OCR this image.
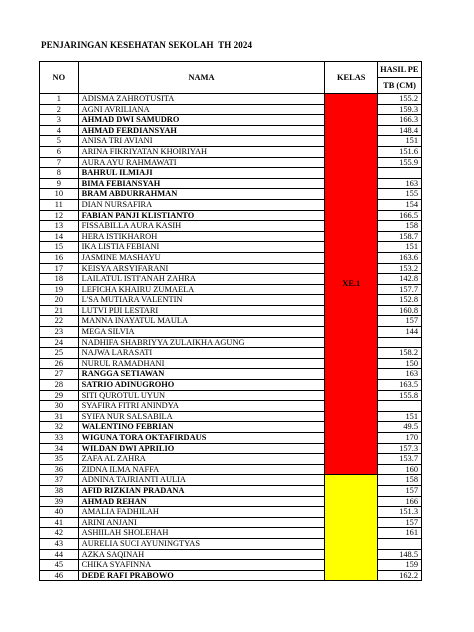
PENJARINGAN KESEHATAN SEKOLAH  TH 2024
NO	NAMA	KELAS	HASIL PE
			TB (CM)
1	ADISMA ZAHROTUSITA	XE.1	155.2
2	AGNI AVRILIANA		159.3
3	AHMAD DWI SAMUDRO		166.3
4	AHMAD FERDIANSYAH		148.4
5	ANISA TRI AVIANI		151
6	ARINA FIKRIYATAN KHOIRIYAH		151.6
7	AURA AYU RAHMAWATI		155.9
8	BAHRUL ILMIAJI		
9	BIMA FEBIANSYAH		163
10	BRAM ABDURRAHMAN		155
11	DIAN NURSAFIRA		154
12	FABIAN PANJI KLISTIANTO		166.5
13	FISSABILLA AURA KASIH		158
14	HERA ISTIKHAROH		158.7
15	IKA LISTIA FEBIANI		151
16	JASMINE MASHAYU		163.6
17	KEISYA ARSYIFARANI		153.2
18	LAILATUL ISTI'ANAH ZAHRA		142.8
19	LEFICHA KHAIRU ZUMAELA		157.7
20	L'SA MUTIARA VALENTIN		152.8
21	LUTVI PIJI LESTARI		160.8
22	MANNA INAYATUL MAULA		157
23	MEGA SILVIA		144
24	NADHIFA SHABRIYYA ZULAIKHA AGUNG		
25	NAJWA LARASATI		158.2
26	NURUL RAMADHANI		150
27	RANGGA SETIAWAN		163
28	SATRIO ADINUGROHO		163.5
29	SITI QUROTUL UYUN		155.8
30	SYAFIRA FITRI ANINDYA		
31	SYIFA NUR SALSABILA		151
32	WALENTINO FEBRIAN		49.5
33	WIGUNA TORA OKTAFIRDAUS		170
34	WILDAN DWI APRILIO		157.3
35	ZAFA AL ZAHRA		153.7
36	ZIDNA ILMA NAFFA		160
37	ADNINA TAJRIANTI AULIA		158
38	AFID RIZKIAN PRADANA		157
39	AHMAD REHAN		166
40	AMALIA FADHILAH		151.3
41	ARINI ANJANI		157
42	ASHIILAH SHOLEHAH		161
43	AURELIA SUCI AYUNINGTYAS		
44	AZKA SAQINAH		148.5
45	CHIKA SYAFINNA		159
46	DEDE RAFI PRABOWO		162.2
